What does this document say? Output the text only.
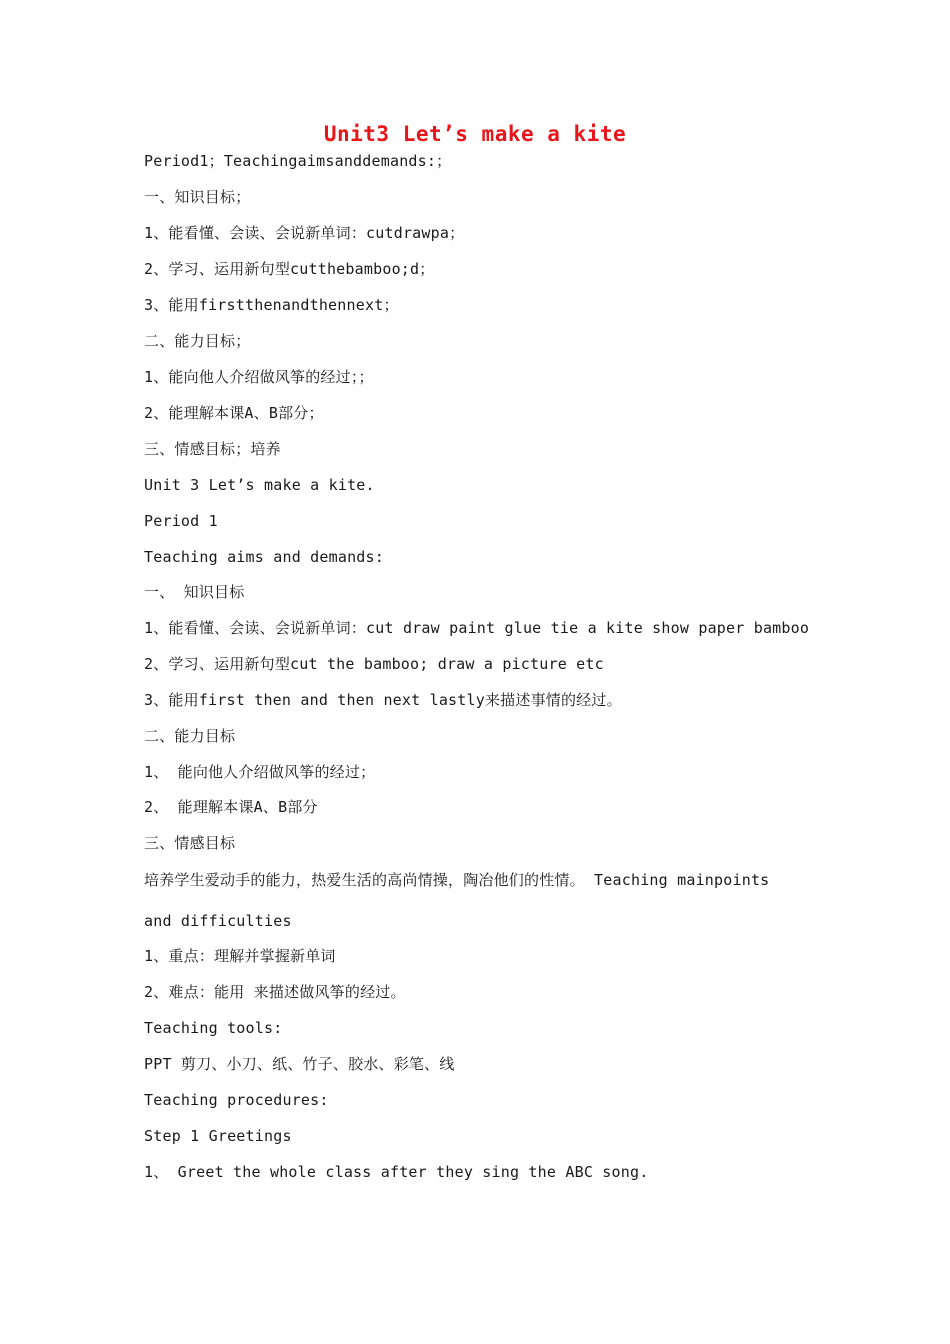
Unit3 Let’s make a kite
Period1；Teachingaimsanddemands:；
一、知识目标；
1、能看懂、会读、会说新单词：cutdrawpa；
2、学习、运用新句型cutthebamboo;d；
3、能用firstthenandthennext；
二、能力目标；
1、能向他人介绍做风筝的经过；；
2、能理解本课A、B部分；
三、情感目标；培养
Unit 3 Let’s make a kite.
Period 1
Teaching aims and demands:
一、 知识目标
1、能看懂、会读、会说新单词：cut draw paint glue tie a kite show paper bamboo
2、学习、运用新句型cut the bamboo; draw a picture etc
3、能用first then and then next lastly来描述事情的经过。
二、能力目标
1、 能向他人介绍做风筝的经过；
2、 能理解本课A、B部分
三、情感目标
培养学生爱动手的能力，热爱生活的高尚情操，陶冶他们的性情。 Teaching mainpoints
and difficulties
1、重点：理解并掌握新单词
2、难点：能用 来描述做风筝的经过。
Teaching tools:
PPT 剪刀、小刀、纸、竹子、胶水、彩笔、线
Teaching procedures:
Step 1 Greetings
1、 Greet the whole class after they sing the ABC song.
